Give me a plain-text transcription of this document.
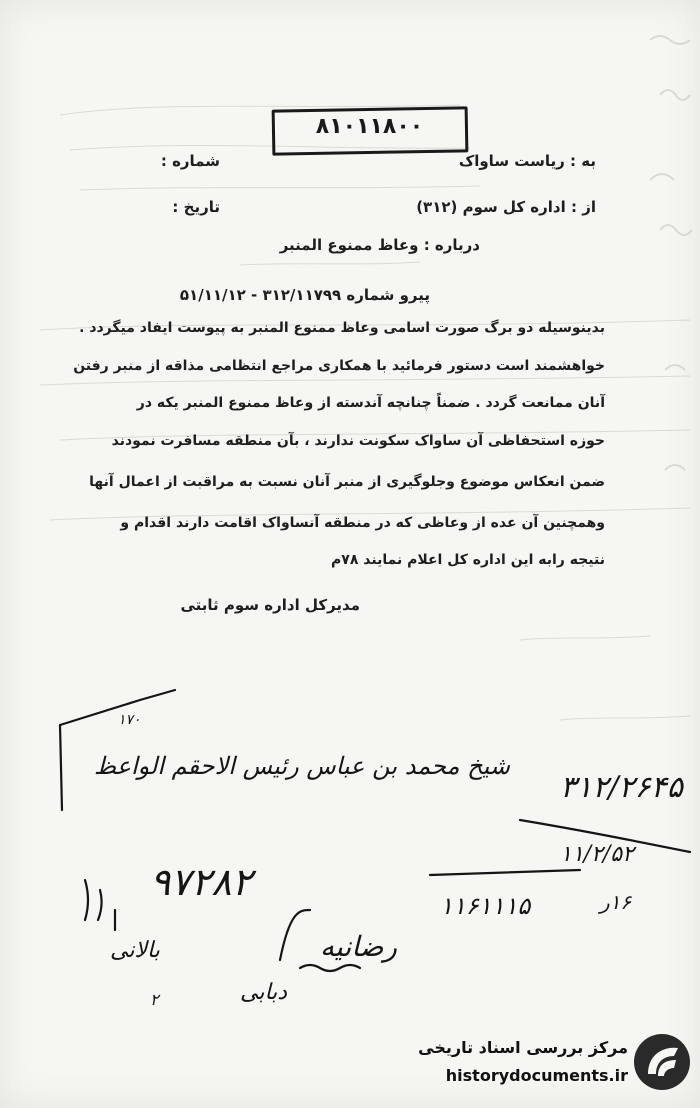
۸۱۰۱۱۸۰۰
به : ریاست ساواک
از : اداره کل سوم (۳۱۲)
شماره :
تاریخ :
درباره : وعاظ ممنوع المنبر
پیرو شماره ۳۱۲/۱۱۷۹۹ - ۵۱/۱۱/۱۲
بدینوسیله دو برگ صورت اسامی وعاظ ممنوع المنبر به پیوست ایفاد میگردد .
خواهشمند است دستور فرمائید با همکاری مراجع انتظامی مذاقه از منبر رفتن
آنان ممانعت گردد . ضمناً چنانچه آندسته از وعاظ ممنوع المنبر یکه در
حوزه استحفاظی آن ساواک سکونت ندارند ، بآن منطقه مسافرت نمودند
ضمن انعکاس موضوع وجلوگیری از منبر آنان نسبت به مراقبت از اعمال آنها
وهمچنین آن عده از وعاظی که در منطقه آنساواک اقامت دارند اقدام و
نتیجه رابه این اداره کل اعلام نمایند ۷۸م
مدیرکل اداره سوم ثابتی
۱۷۰
شیخ محمد بن عباس رئیس الاحقم الواعظ
۳۱۲/۲۶۴۵
۱۱/۲/۵۲
۹۷۲۸۲
۱۱۶۱۱۱۵	۱۶ر
رضانیه
بالانی
دبابی
۲
مرکز بررسی اسناد تاریخی
historydocuments.ir
